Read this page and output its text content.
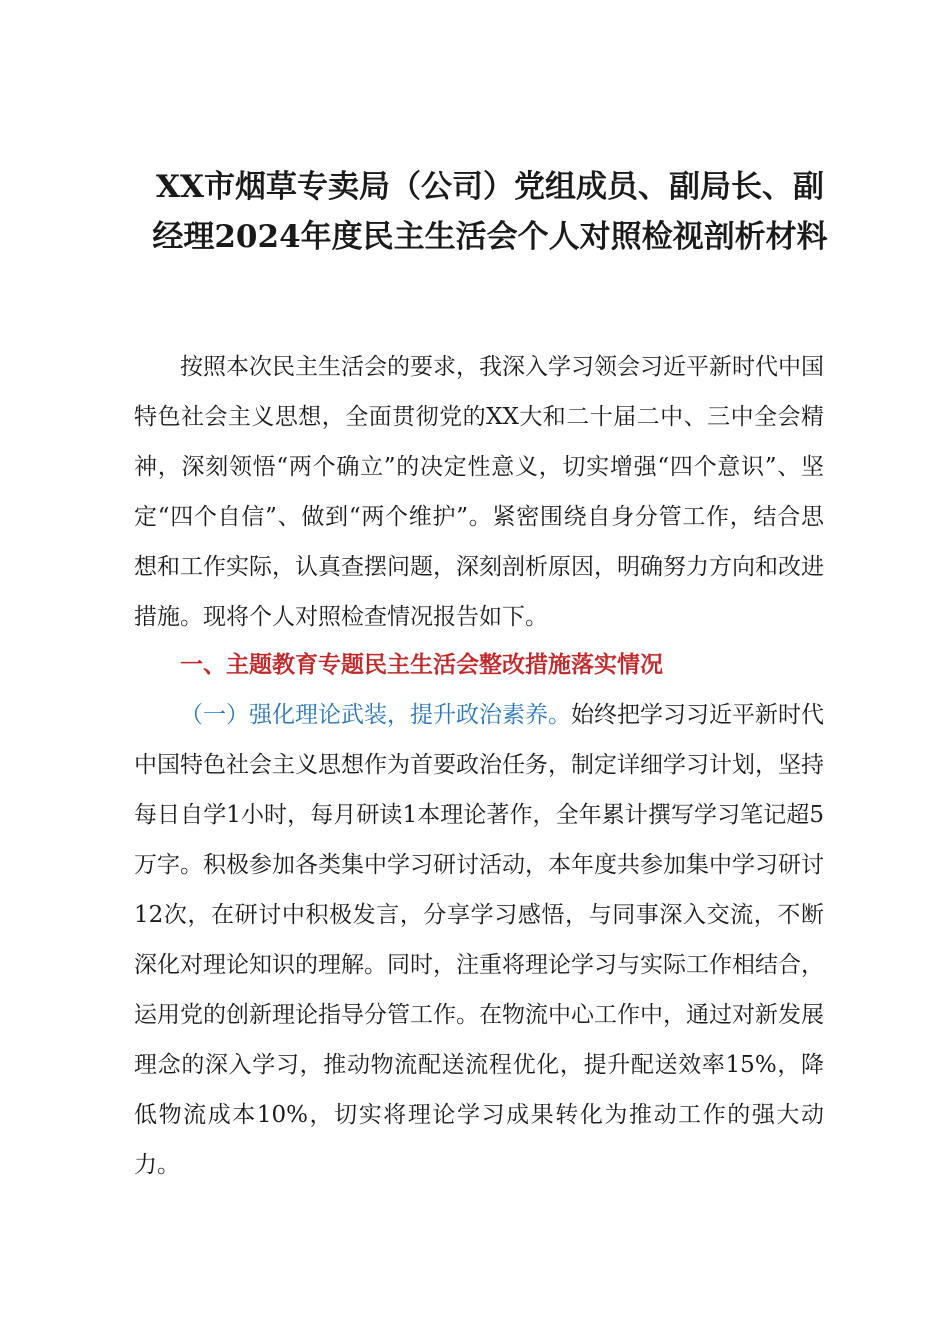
XX市烟草专卖局（公司）党组成员、副局长、副经理2024年度民主生活会个人对照检视剖析材料

按照本次民主生活会的要求，我深入学习领会习近平新时代中国特色社会主义思想，全面贯彻党的XX大和二十届二中、三中全会精神，深刻领悟“两个确立”的决定性意义，切实增强“四个意识”、坚定“四个自信”、做到“两个维护”。紧密围绕自身分管工作，结合思想和工作实际，认真查摆问题，深刻剖析原因，明确努力方向和改进措施。现将个人对照检查情况报告如下。

一、主题教育专题民主生活会整改措施落实情况

（一）强化理论武装，提升政治素养。始终把学习习近平新时代中国特色社会主义思想作为首要政治任务，制定详细学习计划，坚持每日自学1小时，每月研读1本理论著作，全年累计撰写学习笔记超5万字。积极参加各类集中学习研讨活动，本年度共参加集中学习研讨12次，在研讨中积极发言，分享学习感悟，与同事深入交流，不断深化对理论知识的理解。同时，注重将理论学习与实际工作相结合，运用党的创新理论指导分管工作。在物流中心工作中，通过对新发展理念的深入学习，推动物流配送流程优化，提升配送效率15%，降低物流成本10%，切实将理论学习成果转化为推动工作的强大动力。
